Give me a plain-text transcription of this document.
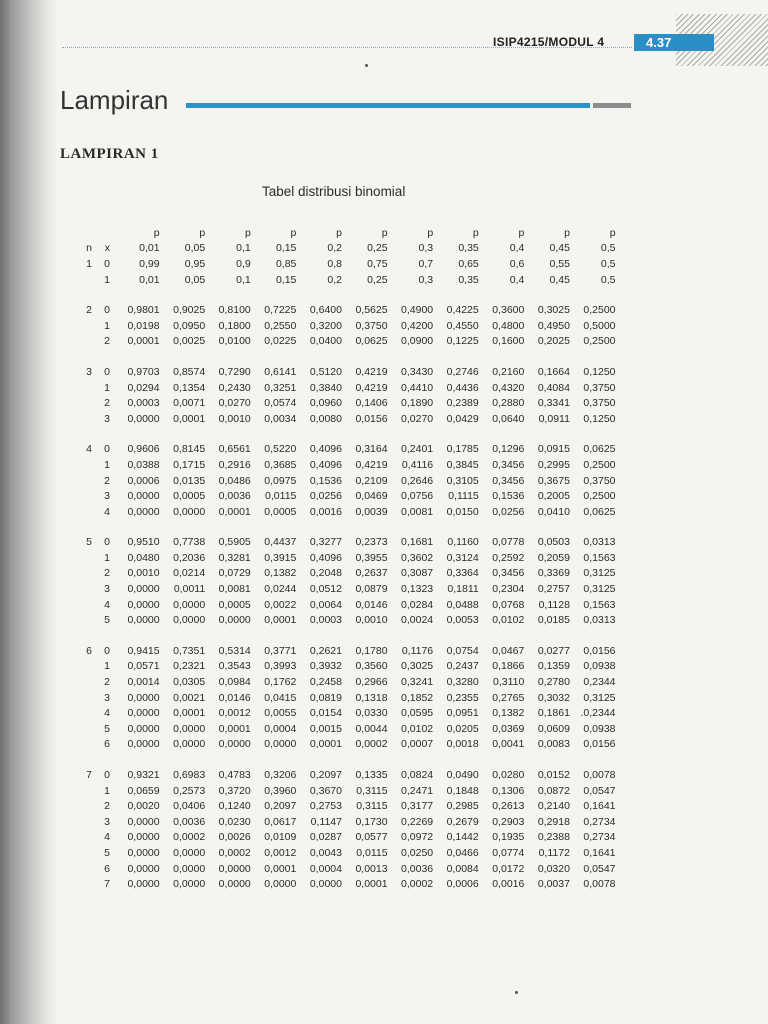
ISIP4215/MODUL 4	4.37
Lampiran
LAMPIRAN 1
Tabel distribusi binomial
		p	p	p	p	p	p	p	p	p	p	p
n	x	0,01	0,05	0,1	0,15	0,2	0,25	0,3	0,35	0,4	0,45	0,5
1	0	0,99	0,95	0,9	0,85	0,8	0,75	0,7	0,65	0,6	0,55	0,5
	1	0,01	0,05	0,1	0,15	0,2	0,25	0,3	0,35	0,4	0,45	0,5

2	0	0,9801	0,9025	0,8100	0,7225	0,6400	0,5625	0,4900	0,4225	0,3600	0,3025	0,2500
	1	0,0198	0,0950	0,1800	0,2550	0,3200	0,3750	0,4200	0,4550	0,4800	0,4950	0,5000
	2	0,0001	0,0025	0,0100	0,0225	0,0400	0,0625	0,0900	0,1225	0,1600	0,2025	0,2500

3	0	0,9703	0,8574	0,7290	0,6141	0,5120	0,4219	0,3430	0,2746	0,2160	0,1664	0,1250
	1	0,0294	0,1354	0,2430	0,3251	0,3840	0,4219	0,4410	0,4436	0,4320	0,4084	0,3750
	2	0,0003	0,0071	0,0270	0,0574	0,0960	0,1406	0,1890	0,2389	0,2880	0,3341	0,3750
	3	0,0000	0,0001	0,0010	0,0034	0,0080	0,0156	0,0270	0,0429	0,0640	0,0911	0,1250

4	0	0,9606	0,8145	0,6561	0,5220	0,4096	0,3164	0,2401	0,1785	0,1296	0,0915	0,0625
	1	0,0388	0,1715	0,2916	0,3685	0,4096	0,4219	0,4116	0,3845	0,3456	0,2995	0,2500
	2	0,0006	0,0135	0,0486	0,0975	0,1536	0,2109	0,2646	0,3105	0,3456	0,3675	0,3750
	3	0,0000	0,0005	0,0036	0,0115	0,0256	0,0469	0,0756	0,1115	0,1536	0,2005	0,2500
	4	0,0000	0,0000	0,0001	0,0005	0,0016	0,0039	0,0081	0,0150	0,0256	0,0410	0,0625

5	0	0,9510	0,7738	0,5905	0,4437	0,3277	0,2373	0,1681	0,1160	0,0778	0,0503	0,0313
	1	0,0480	0,2036	0,3281	0,3915	0,4096	0,3955	0,3602	0,3124	0,2592	0,2059	0,1563
	2	0,0010	0,0214	0,0729	0,1382	0,2048	0,2637	0,3087	0,3364	0,3456	0,3369	0,3125
	3	0,0000	0,0011	0,0081	0,0244	0,0512	0,0879	0,1323	0,1811	0,2304	0,2757	0,3125
	4	0,0000	0,0000	0,0005	0,0022	0,0064	0,0146	0,0284	0,0488	0,0768	0,1128	0,1563
	5	0,0000	0,0000	0,0000	0,0001	0,0003	0,0010	0,0024	0,0053	0,0102	0,0185	0,0313

6	0	0,9415	0,7351	0,5314	0,3771	0,2621	0,1780	0,1176	0,0754	0,0467	0,0277	0,0156
	1	0,0571	0,2321	0,3543	0,3993	0,3932	0,3560	0,3025	0,2437	0,1866	0,1359	0,0938
	2	0,0014	0,0305	0,0984	0,1762	0,2458	0,2966	0,3241	0,3280	0,3110	0,2780	0,2344
	3	0,0000	0,0021	0,0146	0,0415	0,0819	0,1318	0,1852	0,2355	0,2765	0,3032	0,3125
	4	0,0000	0,0001	0,0012	0,0055	0,0154	0,0330	0,0595	0,0951	0,1382	0,1861	.0,2344
	5	0,0000	0,0000	0,0001	0,0004	0,0015	0,0044	0,0102	0,0205	0,0369	0,0609	0,0938
	6	0,0000	0,0000	0,0000	0,0000	0,0001	0,0002	0,0007	0,0018	0,0041	0,0083	0,0156

7	0	0,9321	0,6983	0,4783	0,3206	0,2097	0,1335	0,0824	0,0490	0,0280	0,0152	0,0078
	1	0,0659	0,2573	0,3720	0,3960	0,3670	0,3115	0,2471	0,1848	0,1306	0,0872	0,0547
	2	0,0020	0,0406	0,1240	0,2097	0,2753	0,3115	0,3177	0,2985	0,2613	0,2140	0,1641
	3	0,0000	0,0036	0,0230	0,0617	0,1147	0,1730	0,2269	0,2679	0,2903	0,2918	0,2734
	4	0,0000	0,0002	0,0026	0,0109	0,0287	0,0577	0,0972	0,1442	0,1935	0,2388	0,2734
	5	0,0000	0,0000	0,0002	0,0012	0,0043	0,0115	0,0250	0,0466	0,0774	0,1172	0,1641
	6	0,0000	0,0000	0,0000	0,0001	0,0004	0,0013	0,0036	0,0084	0,0172	0,0320	0,0547
	7	0,0000	0,0000	0,0000	0,0000	0,0000	0,0001	0,0002	0,0006	0,0016	0,0037	0,0078
